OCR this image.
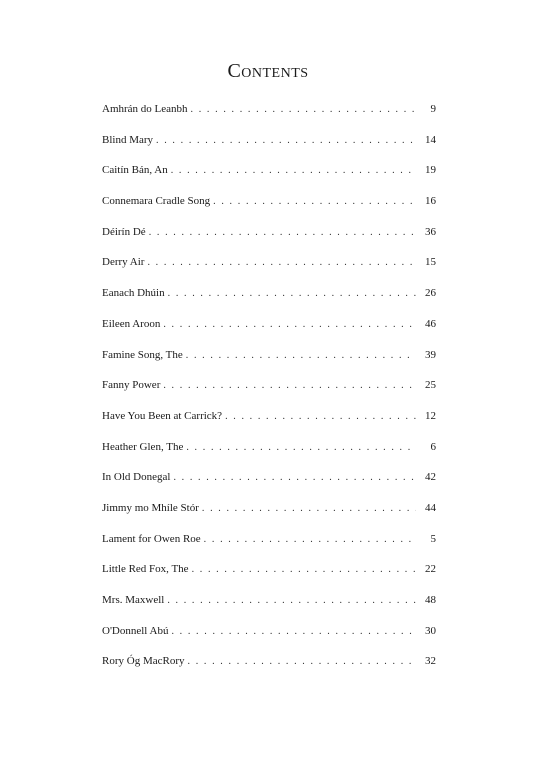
Contents
Amhrán do Leanbh . . .	9
Blind Mary . . .	14
Caitín Bán, An . . .	19
Connemara Cradle Song . . .	16
Déirín Dé . . .	36
Derry Air . . .	15
Eanach Dhúin . . .	26
Eileen Aroon . . .	46
Famine Song, The . . .	39
Fanny Power . . .	25
Have You Been at Carrick? . . .	12
Heather Glen, The . . .	6
In Old Donegal . . .	42
Jimmy mo Mhíle Stór . . .	44
Lament for Owen Roe . . .	5
Little Red Fox, The . . .	22
Mrs. Maxwell . . .	48
O'Donnell Abú . . .	30
Rory Óg MacRory . . .	32
